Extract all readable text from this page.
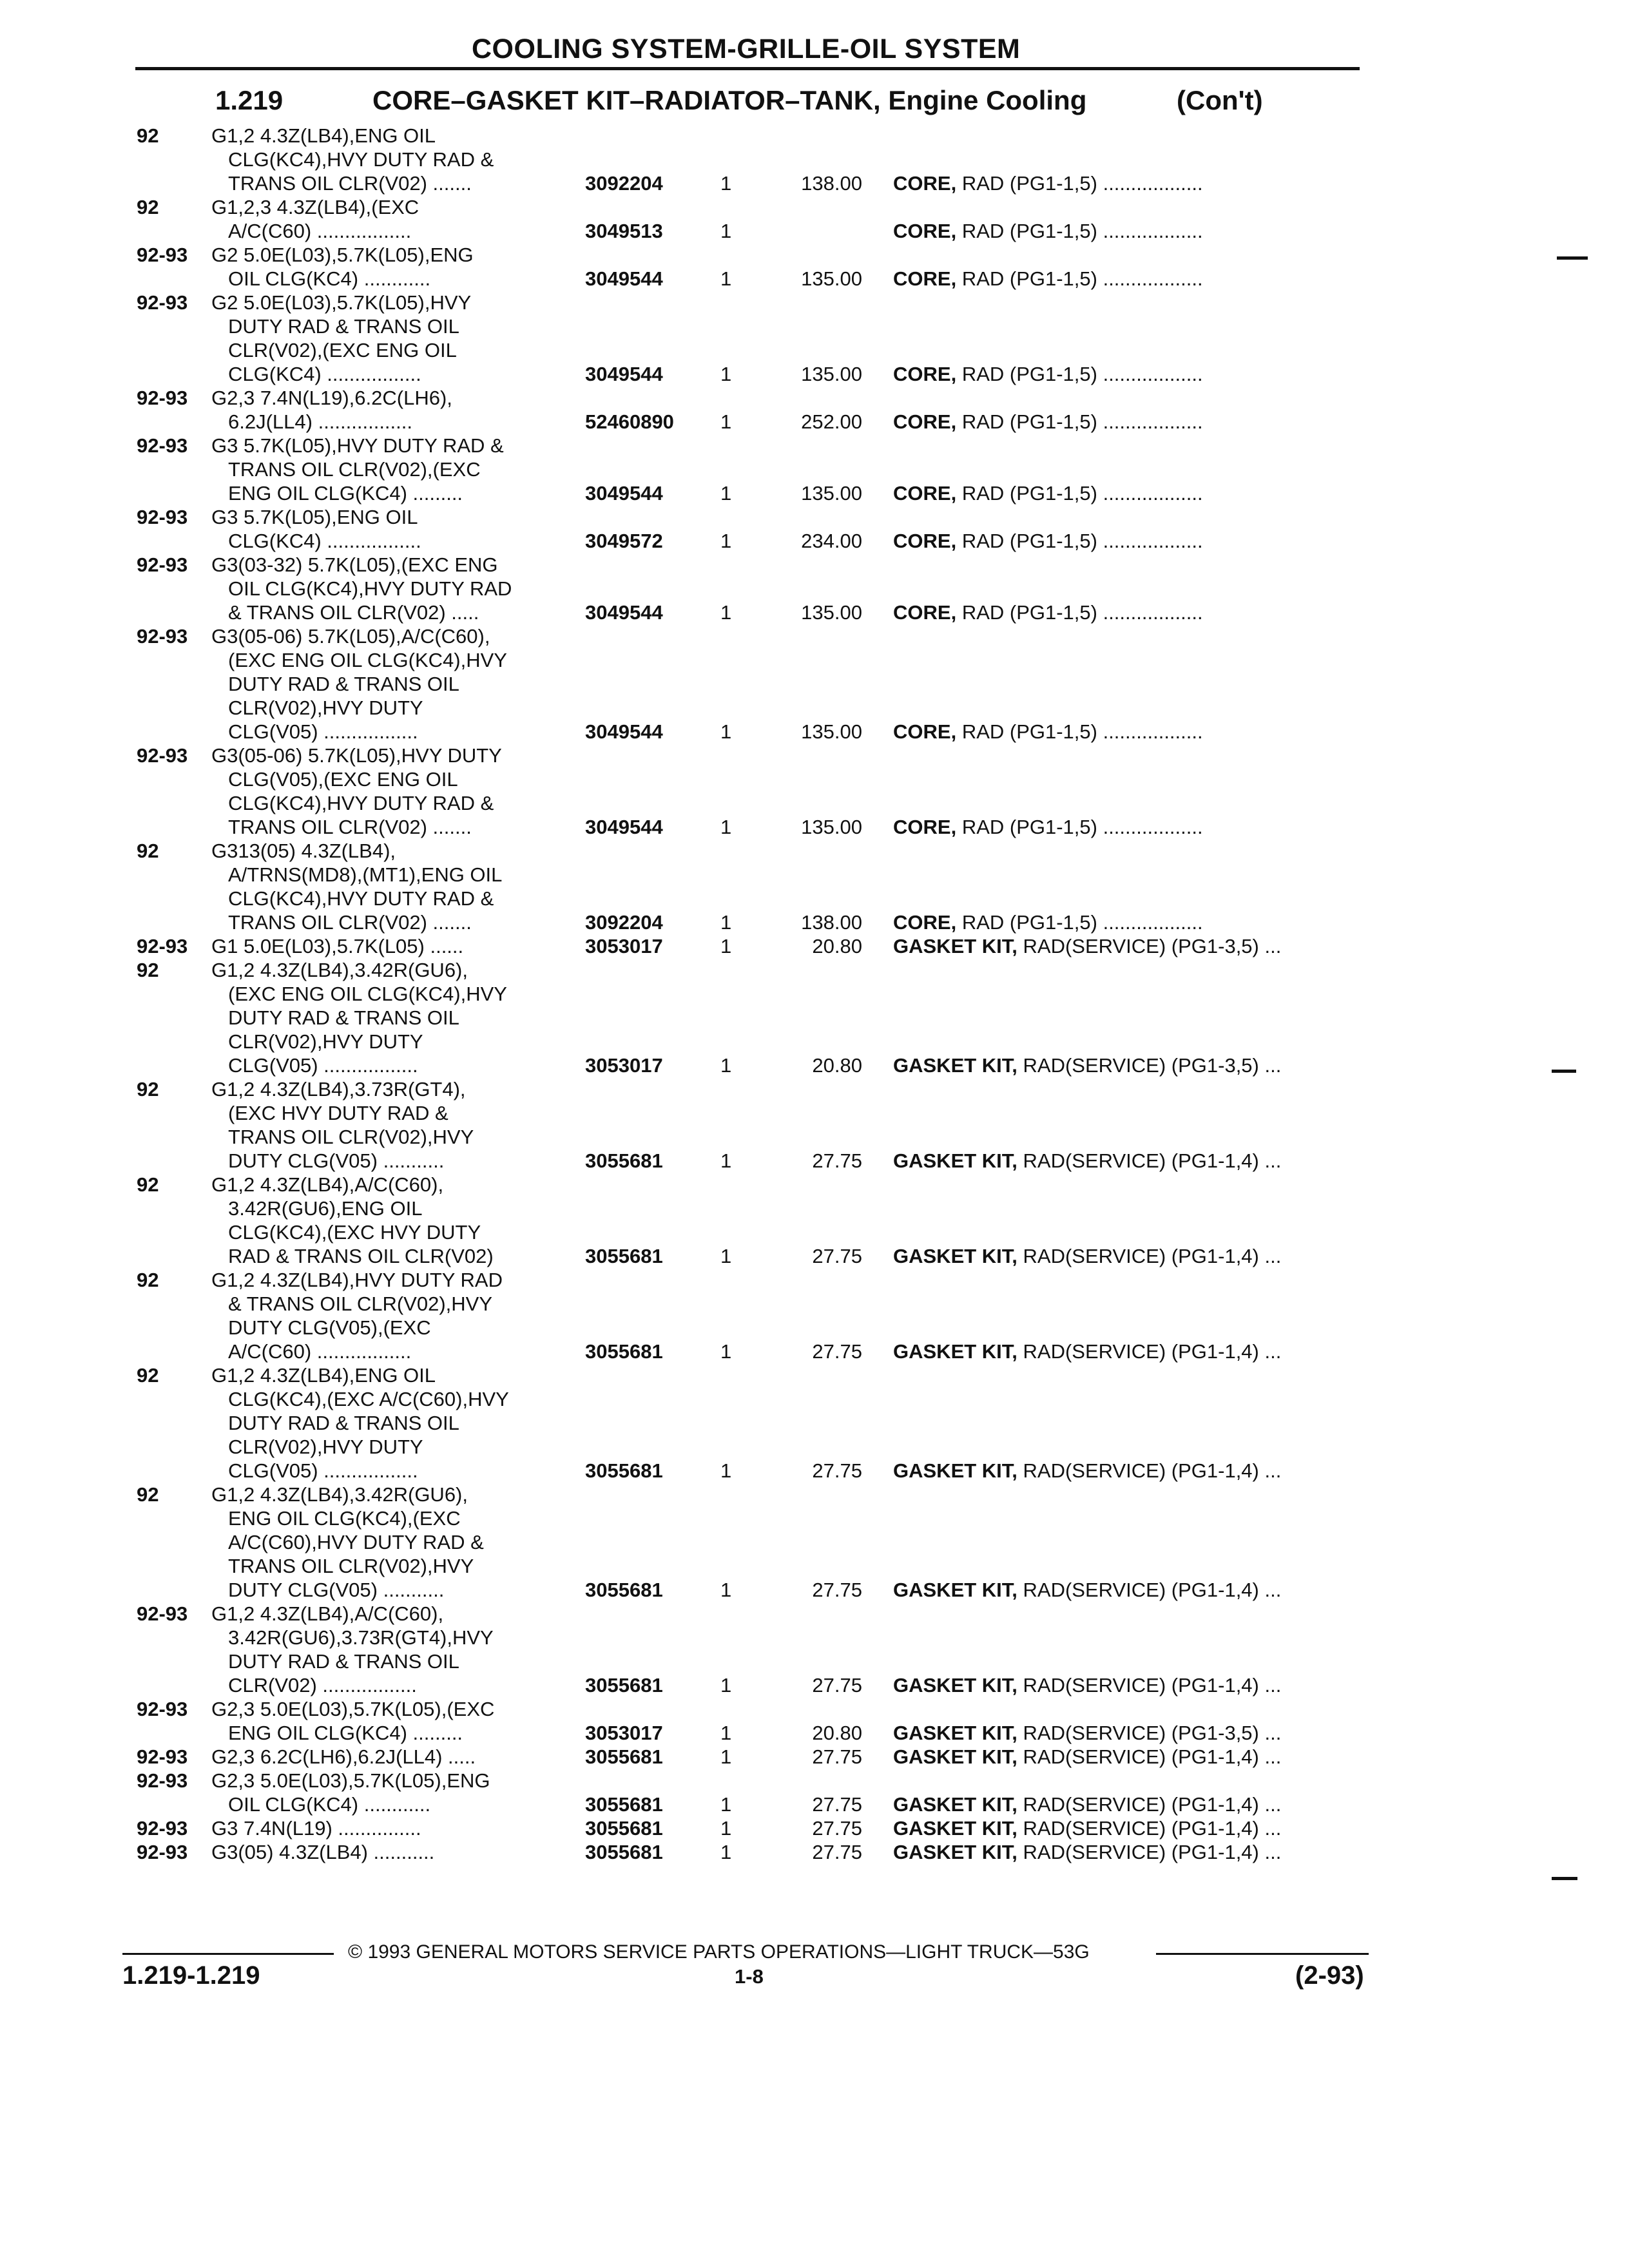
COOLING SYSTEM-GRILLE-OIL SYSTEM
1.219	CORE–GASKET KIT–RADIATOR–TANK, Engine Cooling	(Con't)
92	G1,2 4.3Z(LB4),ENG OIL
CLG(KC4),HVY DUTY RAD &
TRANS OIL CLR(V02) .......	3092204	1	138.00 CORE, RAD (PG1-1,5) ..................
92	G1,2,3 4.3Z(LB4),(EXC
A/C(C60) .................	3049513	1	CORE, RAD (PG1-1,5) ..................
92-93 G2 5.0E(L03),5.7K(L05),ENG
OIL CLG(KC4) ............	3049544	1	135.00 CORE, RAD (PG1-1,5) ..................
92-93 G2 5.0E(L03),5.7K(L05),HVY
DUTY RAD & TRANS OIL
CLR(V02),(EXC ENG OIL
CLG(KC4) .................	3049544	1	135.00 CORE, RAD (PG1-1,5) ..................
92-93 G2,3 7.4N(L19),6.2C(LH6),
6.2J(LL4) .................	52460890 1	252.00 CORE, RAD (PG1-1,5) ..................
92-93 G3 5.7K(L05),HVY DUTY RAD &
TRANS OIL CLR(V02),(EXC
ENG OIL CLG(KC4) .........	3049544	1	135.00 CORE, RAD (PG1-1,5) ..................
92-93 G3 5.7K(L05),ENG OIL
CLG(KC4) .................	3049572	1	234.00 CORE, RAD (PG1-1,5) ..................
92-93 G3(03-32) 5.7K(L05),(EXC ENG
OIL CLG(KC4),HVY DUTY RAD
& TRANS OIL CLR(V02) .....	3049544	1	135.00 CORE, RAD (PG1-1,5) ..................
92-93 G3(05-06) 5.7K(L05),A/C(C60),
(EXC ENG OIL CLG(KC4),HVY
DUTY RAD & TRANS OIL
CLR(V02),HVY DUTY
CLG(V05) .................	3049544	1	135.00 CORE, RAD (PG1-1,5) ..................
92-93 G3(05-06) 5.7K(L05),HVY DUTY
CLG(V05),(EXC ENG OIL
CLG(KC4),HVY DUTY RAD &
TRANS OIL CLR(V02) .......	3049544	1	135.00 CORE, RAD (PG1-1,5) ..................
92	G313(05) 4.3Z(LB4),
A/TRNS(MD8),(MT1),ENG OIL
CLG(KC4),HVY DUTY RAD &
TRANS OIL CLR(V02) .......	3092204	1	138.00 CORE, RAD (PG1-1,5) ..................
92-93 G1 5.0E(L03),5.7K(L05) ......	3053017	1	20.80 GASKET KIT, RAD(SERVICE) (PG1-3,5) ...
92	G1,2 4.3Z(LB4),3.42R(GU6),
(EXC ENG OIL CLG(KC4),HVY
DUTY RAD & TRANS OIL
CLR(V02),HVY DUTY
CLG(V05) .................	3053017	1	20.80 GASKET KIT, RAD(SERVICE) (PG1-3,5) ...
92	G1,2 4.3Z(LB4),3.73R(GT4),
(EXC HVY DUTY RAD &
TRANS OIL CLR(V02),HVY
DUTY CLG(V05) ...........	3055681	1	27.75 GASKET KIT, RAD(SERVICE) (PG1-1,4) ...
92	G1,2 4.3Z(LB4),A/C(C60),
3.42R(GU6),ENG OIL
CLG(KC4),(EXC HVY DUTY
RAD & TRANS OIL CLR(V02)	3055681	1	27.75 GASKET KIT, RAD(SERVICE) (PG1-1,4) ...
92	G1,2 4.3Z(LB4),HVY DUTY RAD
& TRANS OIL CLR(V02),HVY
DUTY CLG(V05),(EXC
A/C(C60) .................	3055681	1	27.75 GASKET KIT, RAD(SERVICE) (PG1-1,4) ...
92	G1,2 4.3Z(LB4),ENG OIL
CLG(KC4),(EXC A/C(C60),HVY
DUTY RAD & TRANS OIL
CLR(V02),HVY DUTY
CLG(V05) .................	3055681	1	27.75 GASKET KIT, RAD(SERVICE) (PG1-1,4) ...
92	G1,2 4.3Z(LB4),3.42R(GU6),
ENG OIL CLG(KC4),(EXC
A/C(C60),HVY DUTY RAD &
TRANS OIL CLR(V02),HVY
DUTY CLG(V05) ...........	3055681	1	27.75 GASKET KIT, RAD(SERVICE) (PG1-1,4) ...
92-93 G1,2 4.3Z(LB4),A/C(C60),
3.42R(GU6),3.73R(GT4),HVY
DUTY RAD & TRANS OIL
CLR(V02) .................	3055681	1	27.75 GASKET KIT, RAD(SERVICE) (PG1-1,4) ...
92-93 G2,3 5.0E(L03),5.7K(L05),(EXC
ENG OIL CLG(KC4) .........	3053017	1	20.80 GASKET KIT, RAD(SERVICE) (PG1-3,5) ...
92-93 G2,3 6.2C(LH6),6.2J(LL4) .....	3055681	1	27.75 GASKET KIT, RAD(SERVICE) (PG1-1,4) ...
92-93 G2,3 5.0E(L03),5.7K(L05),ENG
OIL CLG(KC4) ............	3055681	1	27.75 GASKET KIT, RAD(SERVICE) (PG1-1,4) ...
92-93 G3 7.4N(L19) ...............	3055681	1	27.75 GASKET KIT, RAD(SERVICE) (PG1-1,4) ...
92-93 G3(05) 4.3Z(LB4) ...........	3055681	1	27.75 GASKET KIT, RAD(SERVICE) (PG1-1,4) ...
© 1993 GENERAL MOTORS SERVICE PARTS OPERATIONS—LIGHT TRUCK—53G
1.219-1.219	1-8	(2-93)
